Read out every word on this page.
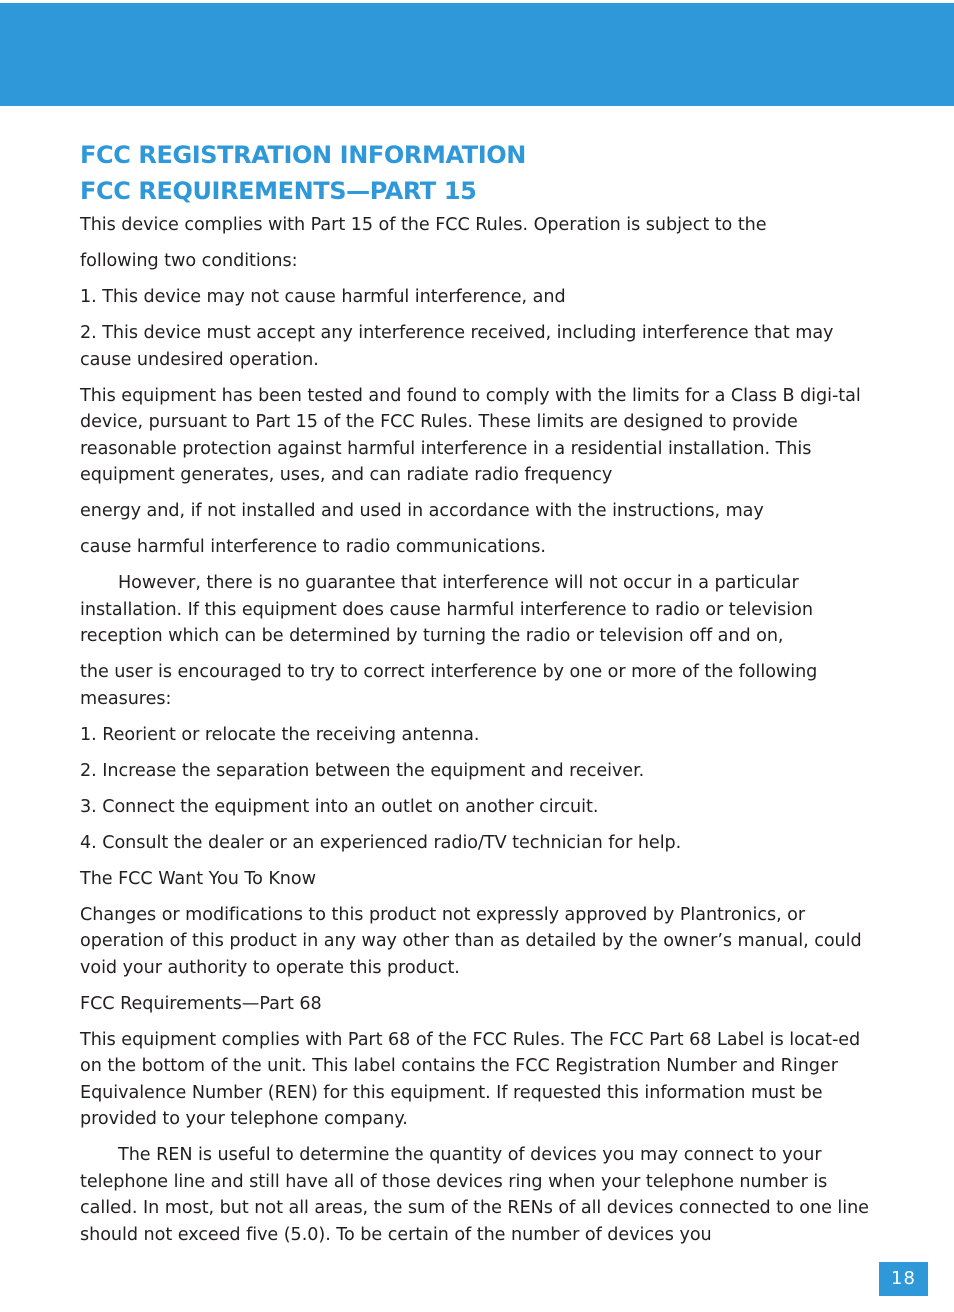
FCC REGISTRATION INFORMATION
FCC REQUIREMENTS—PART 15

This device complies with Part 15 of the FCC Rules. Operation is subject to the

following two conditions:

1. This device may not cause harmful interference, and

2. This device must accept any interference received, including interference that may cause undesired operation.

This equipment has been tested and found to comply with the limits for a Class B digi-tal device, pursuant to Part 15 of the FCC Rules. These limits are designed to provide reasonable protection against harmful interference in a residential installation. This equipment generates, uses, and can radiate radio frequency

energy and, if not installed and used in accordance with the instructions, may

cause harmful interference to radio communications.

However, there is no guarantee that interference will not occur in a particular installation. If this equipment does cause harmful interference to radio or television reception which can be determined by turning the radio or television off and on,

the user is encouraged to try to correct interference by one or more of the following measures:

1. Reorient or relocate the receiving antenna.

2. Increase the separation between the equipment and receiver.

3. Connect the equipment into an outlet on another circuit.

4. Consult the dealer or an experienced radio/TV technician for help.

The FCC Want You To Know

Changes or modifications to this product not expressly approved by Plantronics, or operation of this product in any way other than as detailed by the owner’s manual, could void your authority to operate this product.

FCC Requirements—Part 68

This equipment complies with Part 68 of the FCC Rules. The FCC Part 68 Label is locat-ed on the bottom of the unit. This label contains the FCC Registration Number and Ringer Equivalence Number (REN) for this equipment. If requested this information must be provided to your telephone company.

The REN is useful to determine the quantity of devices you may connect to your telephone line and still have all of those devices ring when your telephone number is called. In most, but not all areas, the sum of the RENs of all devices connected to one line should not exceed five (5.0). To be certain of the number of devices you

18
